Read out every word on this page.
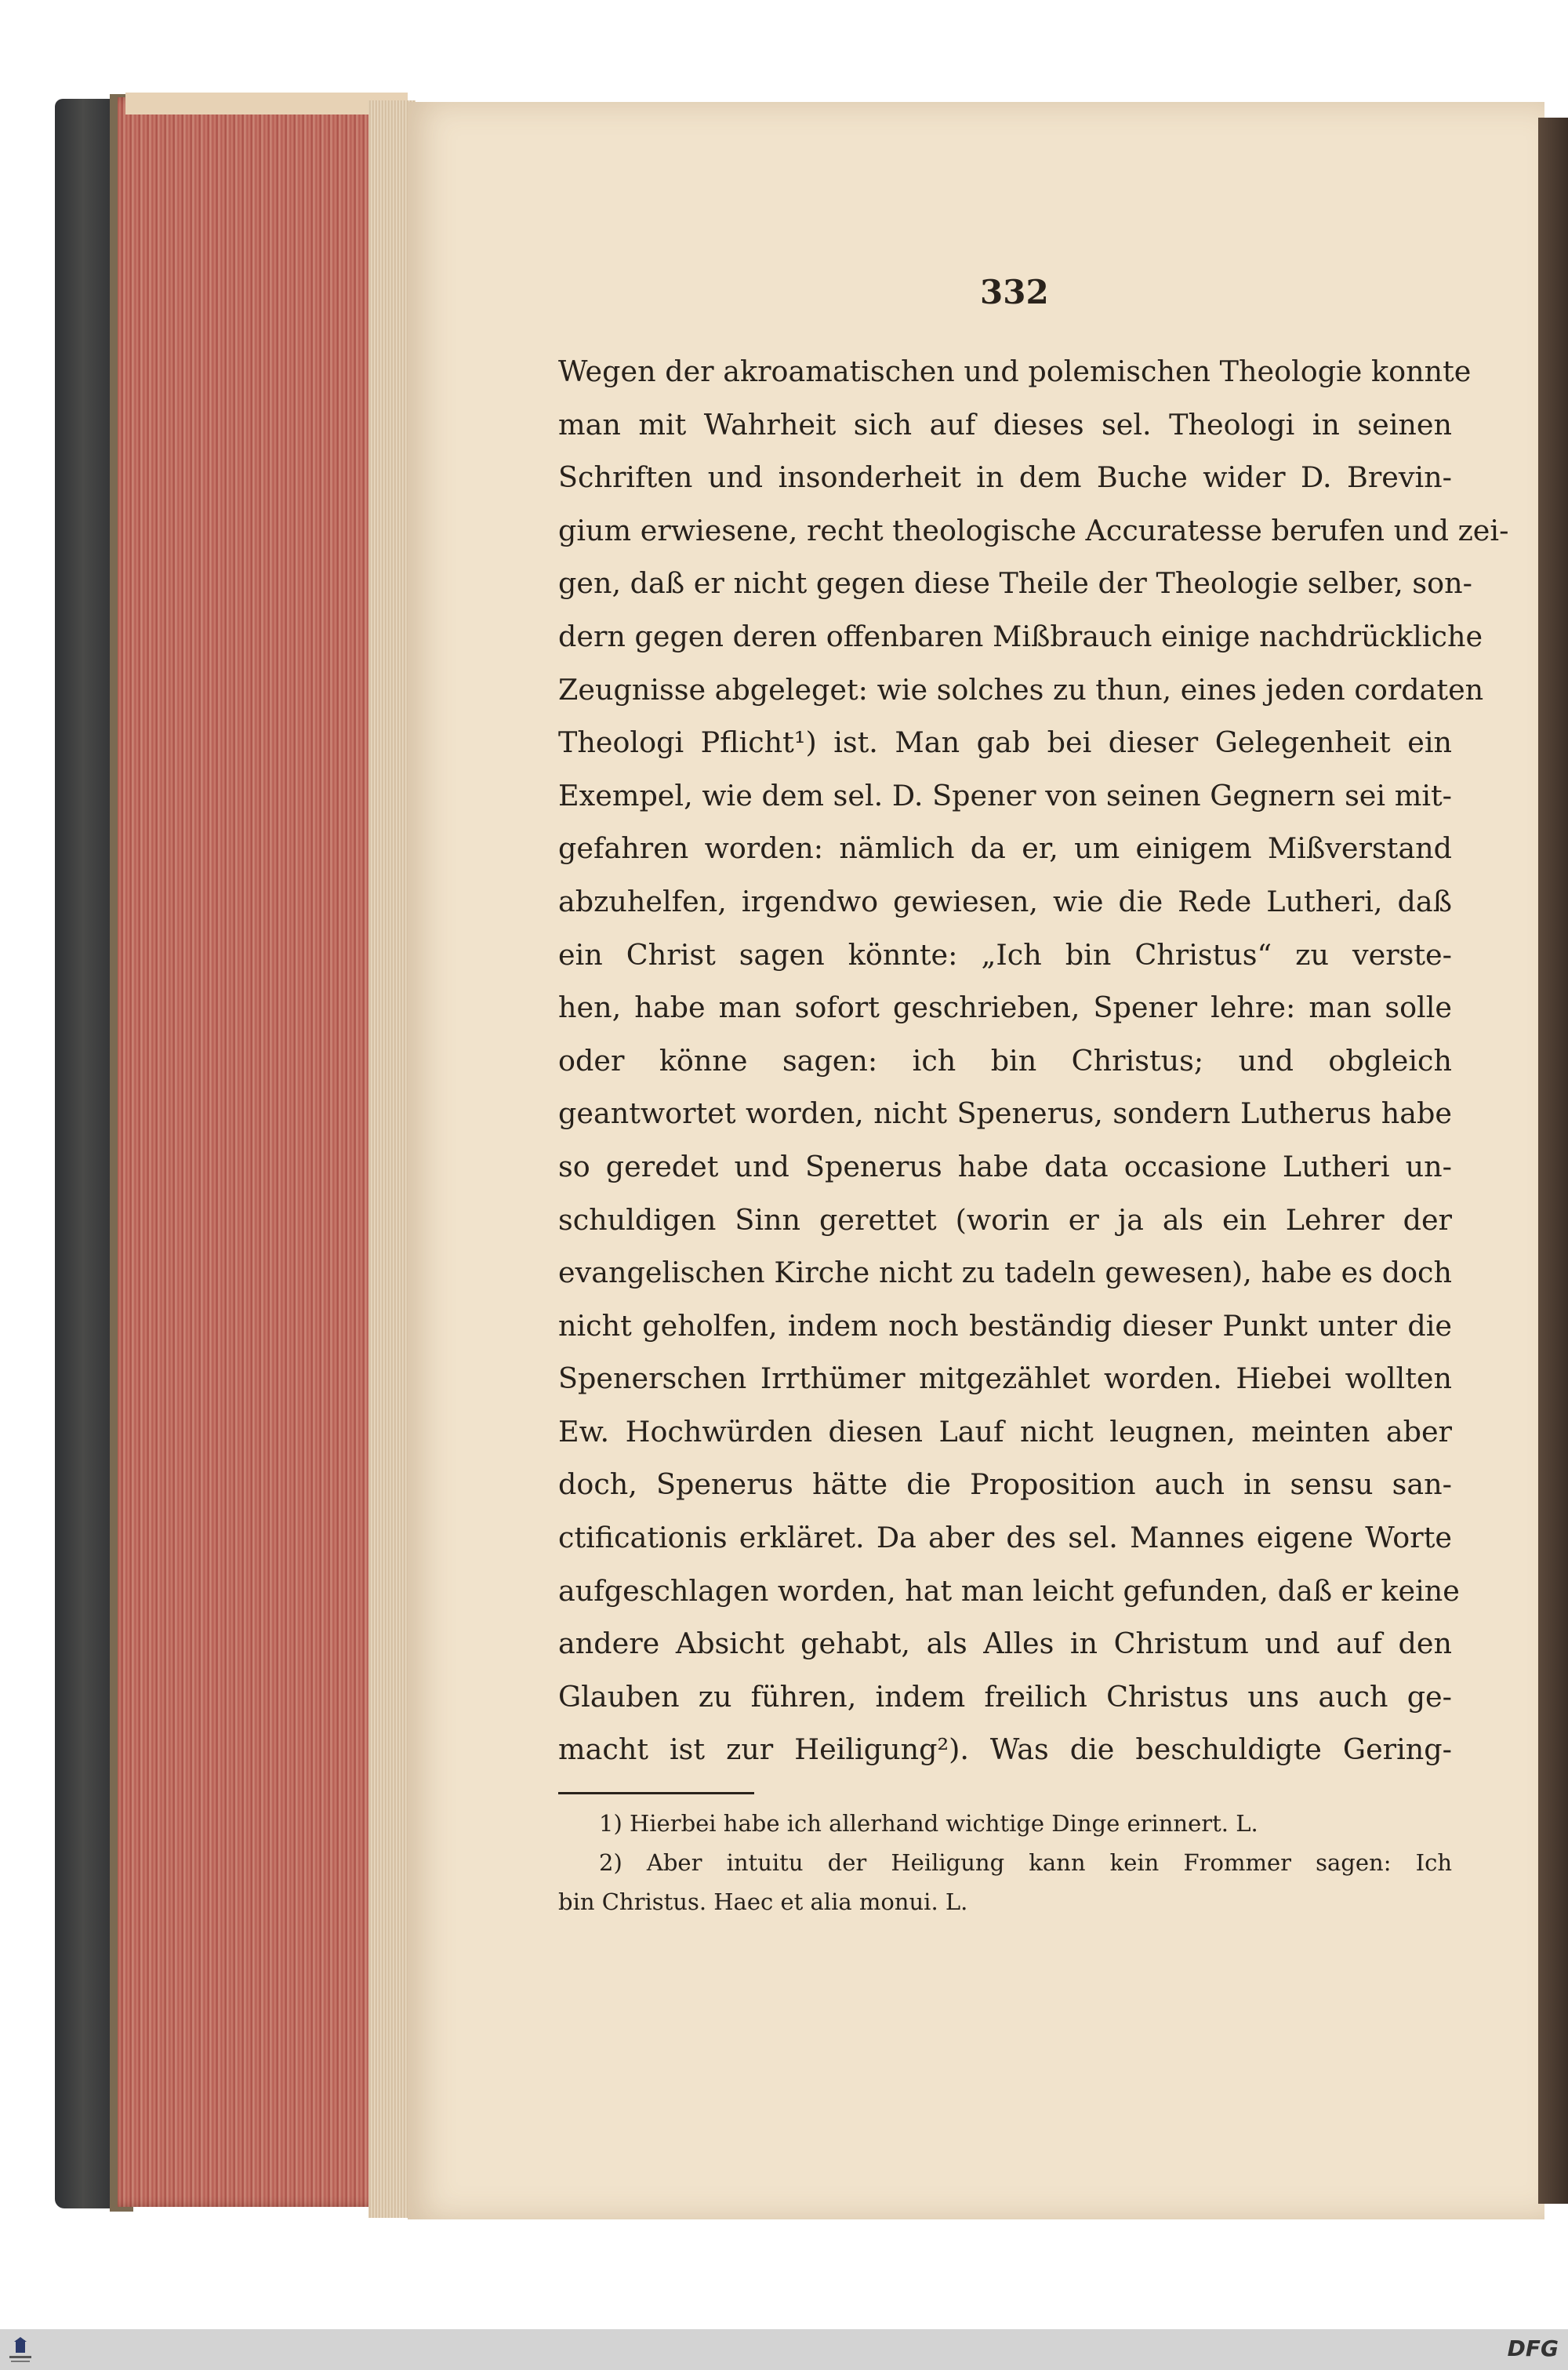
332
Wegen der akroamatischen und polemischen Theologie konnte
man mit Wahrheit sich auf dieses sel. Theologi in seinen
Schriften und insonderheit in dem Buche wider D. Brevin-
gium erwiesene, recht theologische Accuratesse berufen und zei-
gen, daß er nicht gegen diese Theile der Theologie selber, son-
dern gegen deren offenbaren Mißbrauch einige nachdrückliche
Zeugnisse abgeleget: wie solches zu thun, eines jeden cordaten
Theologi Pflicht¹) ist. Man gab bei dieser Gelegenheit ein
Exempel, wie dem sel. D. Spener von seinen Gegnern sei mit-
gefahren worden: nämlich da er, um einigem Mißverstand
abzuhelfen, irgendwo gewiesen, wie die Rede Lutheri, daß
ein Christ sagen könnte: „Ich bin Christus“ zu verste-
hen, habe man sofort geschrieben, Spener lehre: man solle
oder könne sagen: ich bin Christus; und obgleich
geantwortet worden, nicht Spenerus, sondern Lutherus habe
so geredet und Spenerus habe data occasione Lutheri un-
schuldigen Sinn gerettet (worin er ja als ein Lehrer der
evangelischen Kirche nicht zu tadeln gewesen), habe es doch
nicht geholfen, indem noch beständig dieser Punkt unter die
Spenerschen Irrthümer mitgezählet worden. Hiebei wollten
Ew. Hochwürden diesen Lauf nicht leugnen, meinten aber
doch, Spenerus hätte die Proposition auch in sensu san-
ctificationis erkläret. Da aber des sel. Mannes eigene Worte
aufgeschlagen worden, hat man leicht gefunden, daß er keine
andere Absicht gehabt, als Alles in Christum und auf den
Glauben zu führen, indem freilich Christus uns auch ge-
macht ist zur Heiligung²). Was die beschuldigte Gering-
1) Hierbei habe ich allerhand wichtige Dinge erinnert. L.
2) Aber intuitu der Heiligung kann kein Frommer sagen: Ich
bin Christus. Haec et alia monui. L.
DFG
